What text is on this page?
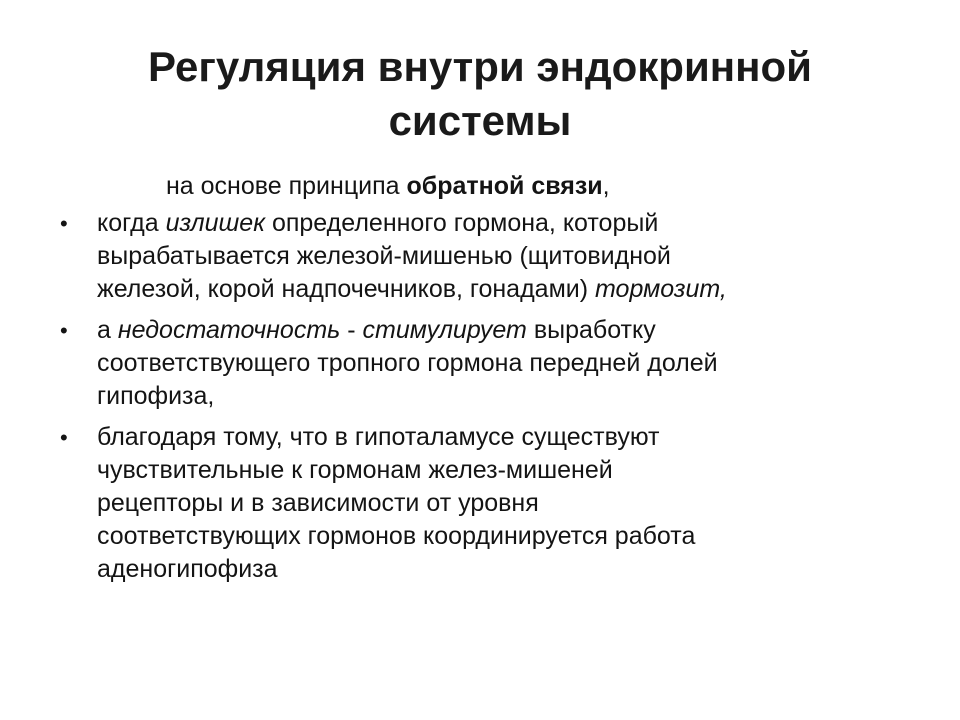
Регуляция внутри эндокринной
системы
на основе принципа обратной связи,
• когда излишек определенного гормона, который
вырабатывается железой-мишенью (щитовидной
железой, корой надпочечников, гонадами) тормозит,
• а недостаточность - стимулирует выработку
соответствующего тропного гормона передней долей
гипофиза,
• благодаря тому, что в гипоталамусе существуют
чувствительные к гормонам желез-мишеней
рецепторы и в зависимости от уровня
соответствующих гормонов координируется работа
аденогипофиза
